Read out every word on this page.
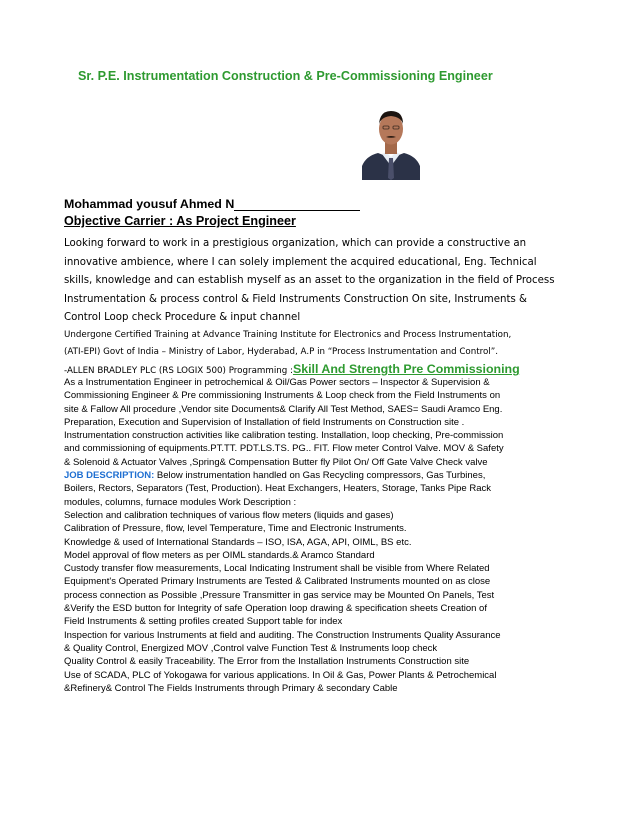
Sr. P.E. Instrumentation Construction & Pre-Commissioning Engineer
Mohammad yousuf Ahmed N
Objective Carrier : As Project Engineer
Looking forward to work in a prestigious organization, which can provide a constructive an
innovative ambience, where I can solely implement the acquired educational, Eng. Technical
skills, knowledge and can establish myself as an asset to the organization in the field of Process
Instrumentation & process control & Field Instruments Construction On site, Instruments &
Control Loop check Procedure & input channel
Undergone Certified Training at Advance Training Institute for Electronics and Process Instrumentation,
(ATI-EPI) Govt of India – Ministry of Labor, Hyderabad, A.P in “Process Instrumentation and Control”.
-ALLEN BRADLEY PLC (RS LOGIX 500) Programming :Skill And Strength Pre Commissioning
As a Instrumentation Engineer in petrochemical & Oil/Gas Power sectors – Inspector & Supervision &
Commissioning Engineer & Pre commissioning Instruments & Loop check from the Field Instruments on
site & Fallow All procedure ,Vendor site Documents& Clarify All Test Method, SAES= Saudi Aramco Eng.
Preparation, Execution and Supervision of Installation of field Instruments on Construction site .
Instrumentation construction activities like calibration testing. Installation, loop checking, Pre-commission
and commissioning of equipments.PT.TT. PDT.LS.TS. PG.. FIT. Flow meter Control Valve. MOV & Safety
& Solenoid & Actuator Valves ,Spring& Compensation Butter fly Pilot On/ Off Gate Valve Check valve
JOB DESCRIPTION: Below instrumentation handled on Gas Recycling compressors, Gas Turbines,
Boilers, Rectors, Separators (Test, Production). Heat Exchangers, Heaters, Storage, Tanks Pipe Rack
modules, columns, furnace modules Work Description :
Selection and calibration techniques of various flow meters (liquids and gases)
Calibration of Pressure, flow, level Temperature, Time and Electronic Instruments.
Knowledge & used of International Standards – ISO, ISA, AGA, API, OIML, BS etc.
Model approval of flow meters as per OIML standards.& Aramco Standard
Custody transfer flow measurements, Local Indicating Instrument shall be visible from Where Related
Equipment's Operated Primary Instruments are Tested & Calibrated Instruments mounted on as close
process connection as Possible ,Pressure Transmitter in gas service may be Mounted On Panels, Test
&Verify the ESD button for Integrity of safe Operation loop drawing & specification sheets Creation of
Field Instruments & setting profiles created Support table for index
Inspection for various Instruments at field and auditing. The Construction Instruments Quality Assurance
& Quality Control, Energized MOV ,Control valve Function Test & Instruments loop check
Quality Control & easily Traceability. The Error from the Installation Instruments Construction site
Use of SCADA, PLC of Yokogawa for various applications. In Oil & Gas, Power Plants & Petrochemical
&Refinery& Control The Fields Instruments through Primary & secondary Cable
